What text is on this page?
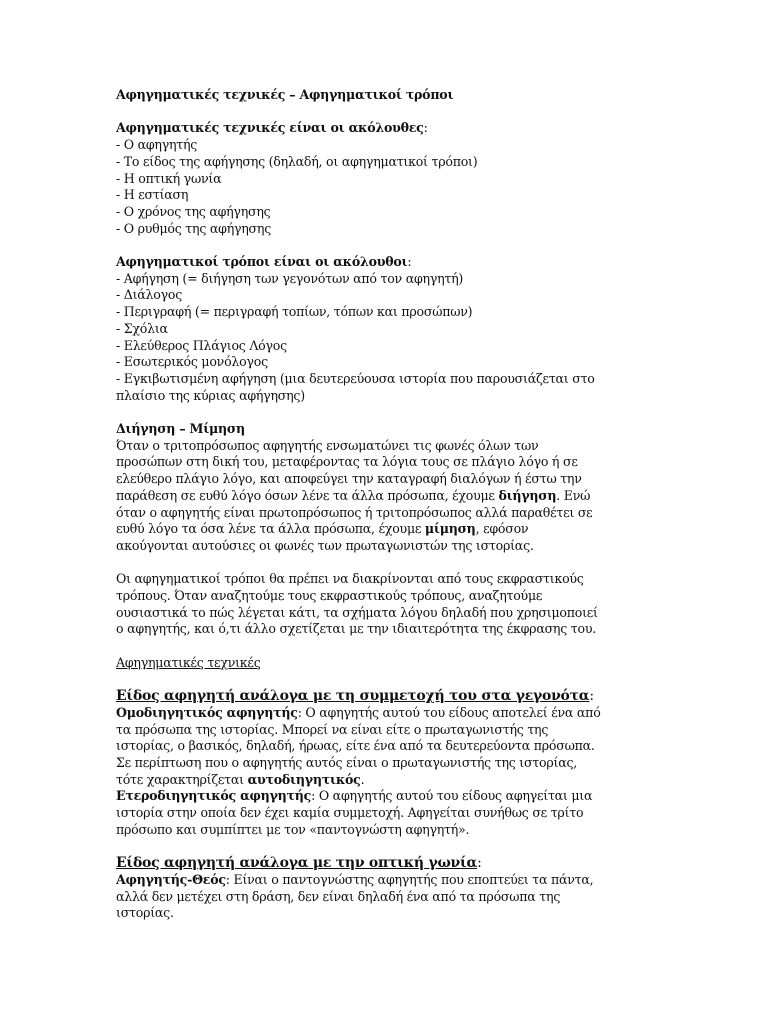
Αφηγηματικές τεχνικές – Αφηγηματικοί τρόποι
Αφηγηματικές τεχνικές είναι οι ακόλουθες:
- Ο αφηγητής
- Το είδος της αφήγησης (δηλαδή, οι αφηγηματικοί τρόποι)
- Η οπτική γωνία
- Η εστίαση
- Ο χρόνος της αφήγησης
- Ο ρυθμός της αφήγησης
Αφηγηματικοί τρόποι είναι οι ακόλουθοι:
- Αφήγηση (= διήγηση των γεγονότων από τον αφηγητή)
- Διάλογος
- Περιγραφή (= περιγραφή τοπίων, τόπων και προσώπων)
- Σχόλια
- Ελεύθερος Πλάγιος Λόγος
- Εσωτερικός μονόλογος
- Εγκιβωτισμένη αφήγηση (μια δευτερεύουσα ιστορία που παρουσιάζεται στο
πλαίσιο της κύριας αφήγησης)
Διήγηση – Μίμηση
Όταν ο τριτοπρόσωπος αφηγητής ενσωματώνει τις φωνές όλων των
προσώπων στη δική του, μεταφέροντας τα λόγια τους σε πλάγιο λόγο ή σε
ελεύθερο πλάγιο λόγο, και αποφεύγει την καταγραφή διαλόγων ή έστω την
παράθεση σε ευθύ λόγο όσων λένε τα άλλα πρόσωπα, έχουμε διήγηση. Ενώ
όταν ο αφηγητής είναι πρωτοπρόσωπος ή τριτοπρόσωπος αλλά παραθέτει σε
ευθύ λόγο τα όσα λένε τα άλλα πρόσωπα, έχουμε μίμηση, εφόσον
ακούγονται αυτούσιες οι φωνές των πρωταγωνιστών της ιστορίας.
Οι αφηγηματικοί τρόποι θα πρέπει να διακρίνονται από τους εκφραστικούς
τρόπους. Όταν αναζητούμε τους εκφραστικούς τρόπους, αναζητούμε
ουσιαστικά το πώς λέγεται κάτι, τα σχήματα λόγου δηλαδή που χρησιμοποιεί
ο αφηγητής, και ό,τι άλλο σχετίζεται με την ιδιαιτερότητα της έκφρασης του.
Αφηγηματικές τεχνικές
Είδος αφηγητή ανάλογα με τη συμμετοχή του στα γεγονότα:
Ομοδιηγητικός αφηγητής: Ο αφηγητής αυτού του είδους αποτελεί ένα από
τα πρόσωπα της ιστορίας. Μπορεί να είναι είτε ο πρωταγωνιστής της
ιστορίας, ο βασικός, δηλαδή, ήρωας, είτε ένα από τα δευτερεύοντα πρόσωπα.
Σε περίπτωση που ο αφηγητής αυτός είναι ο πρωταγωνιστής της ιστορίας,
τότε χαρακτηρίζεται αυτοδιηγητικός.
Ετεροδιηγητικός αφηγητής: Ο αφηγητής αυτού του είδους αφηγείται μια
ιστορία στην οποία δεν έχει καμία συμμετοχή. Αφηγείται συνήθως σε τρίτο
πρόσωπο και συμπίπτει με τον «παντογνώστη αφηγητή».
Είδος αφηγητή ανάλογα με την οπτική γωνία:
Αφηγητής-Θεός: Είναι ο παντογνώστης αφηγητής που εποπτεύει τα πάντα,
αλλά δεν μετέχει στη δράση, δεν είναι δηλαδή ένα από τα πρόσωπα της
ιστορίας.
